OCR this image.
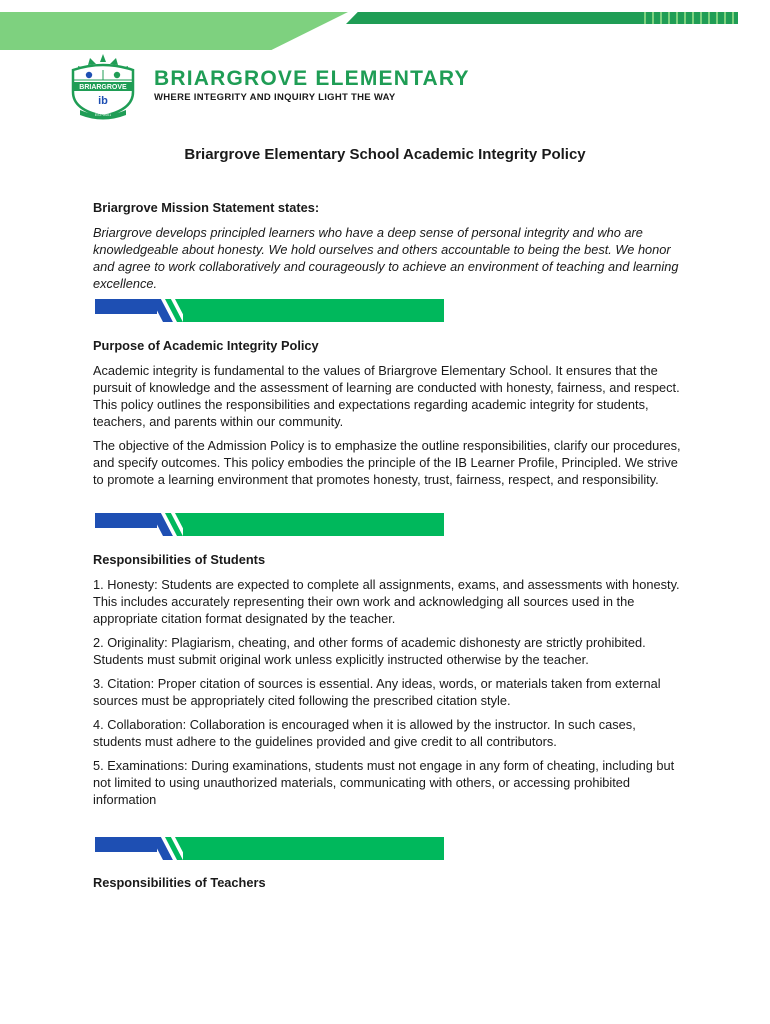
BRIARGROVE
ib
EST. 2001
BRIARGROVE ELEMENTARY
WHERE INTEGRITY AND INQUIRY LIGHT THE WAY
Briargrove Elementary School Academic Integrity Policy

Briargrove Mission Statement states:

Briargrove develops principled learners who have a deep sense of personal integrity and who are knowledgeable about honesty. We hold ourselves and others accountable to being the best. We honor and agree to work collaboratively and courageously to achieve an environment of teaching and learning excellence.

Purpose of Academic Integrity Policy

Academic integrity is fundamental to the values of Briargrove Elementary School. It ensures that the pursuit of knowledge and the assessment of learning are conducted with honesty, fairness, and respect. This policy outlines the responsibilities and expectations regarding academic integrity for students, teachers, and parents within our community.

The objective of the Admission Policy is to emphasize the outline responsibilities, clarify our procedures, and specify outcomes. This policy embodies the principle of the IB Learner Profile, Principled. We strive to promote a learning environment that promotes honesty, trust, fairness, respect, and responsibility.

Responsibilities of Students

1. Honesty: Students are expected to complete all assignments, exams, and assessments with honesty. This includes accurately representing their own work and acknowledging all sources used in the appropriate citation format designated by the teacher.

2. Originality: Plagiarism, cheating, and other forms of academic dishonesty are strictly prohibited. Students must submit original work unless explicitly instructed otherwise by the teacher.

3. Citation: Proper citation of sources is essential. Any ideas, words, or materials taken from external sources must be appropriately cited following the prescribed citation style.

4. Collaboration: Collaboration is encouraged when it is allowed by the instructor. In such cases, students must adhere to the guidelines provided and give credit to all contributors.

5. Examinations: During examinations, students must not engage in any form of cheating, including but not limited to using unauthorized materials, communicating with others, or accessing prohibited information

Responsibilities of Teachers
